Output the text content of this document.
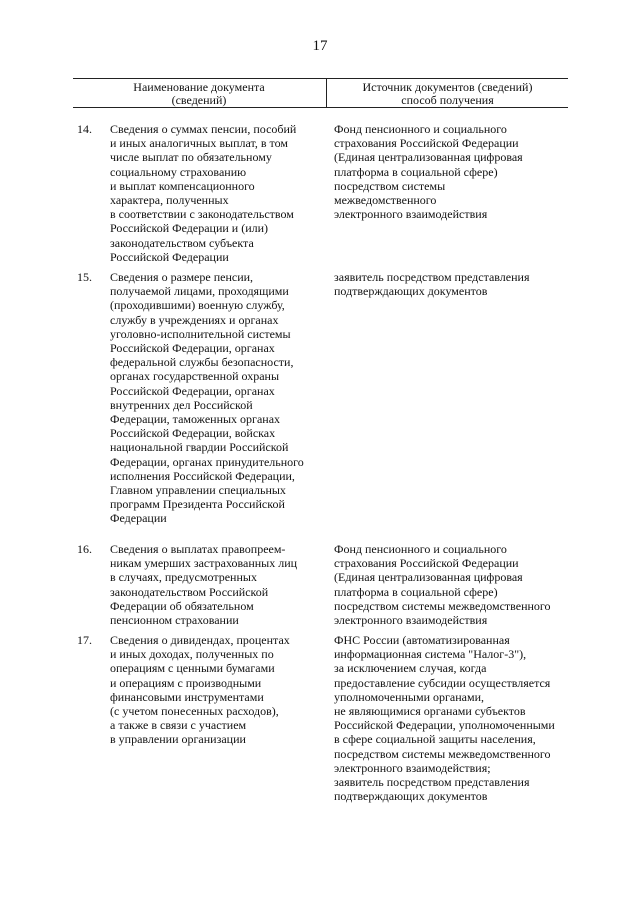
17
Наименование документа
(сведений)
Источник документов (сведений)
способ получения
14. Сведения о суммах пенсии, пособий
и иных аналогичных выплат, в том
числе выплат по обязательному
социальному страхованию
и выплат компенсационного
характера, полученных
в соответствии с законодательством
Российской Федерации и (или)
законодательством субъекта
Российской Федерации
Фонд пенсионного и социального
страхования Российской Федерации
(Единая централизованная цифровая
платформа в социальной сфере)
посредством системы
межведомственного
электронного взаимодействия
15. Сведения о размере пенсии,
получаемой лицами, проходящими
(проходившими) военную службу,
службу в учреждениях и органах
уголовно-исполнительной системы
Российской Федерации, органах
федеральной службы безопасности,
органах государственной охраны
Российской Федерации, органах
внутренних дел Российской
Федерации, таможенных органах
Российской Федерации, войсках
национальной гвардии Российской
Федерации, органах принудительного
исполнения Российской Федерации,
Главном управлении специальных
программ Президента Российской
Федерации
заявитель посредством представления
подтверждающих документов
16. Сведения о выплатах правопреем-
никам умерших застрахованных лиц
в случаях, предусмотренных
законодательством Российской
Федерации об обязательном
пенсионном страховании
Фонд пенсионного и социального
страхования Российской Федерации
(Единая централизованная цифровая
платформа в социальной сфере)
посредством системы межведомственного
электронного взаимодействия
17. Сведения о дивидендах, процентах
и иных доходах, полученных по
операциям с ценными бумагами
и операциям с производными
финансовыми инструментами
(с учетом понесенных расходов),
а также в связи с участием
в управлении организации
ФНС России (автоматизированная
информационная система "Налог-3"),
за исключением случая, когда
предоставление субсидии осуществляется
уполномоченными органами,
не являющимися органами субъектов
Российской Федерации, уполномоченными
в сфере социальной защиты населения,
посредством системы межведомственного
электронного взаимодействия;
заявитель посредством представления
подтверждающих документов
